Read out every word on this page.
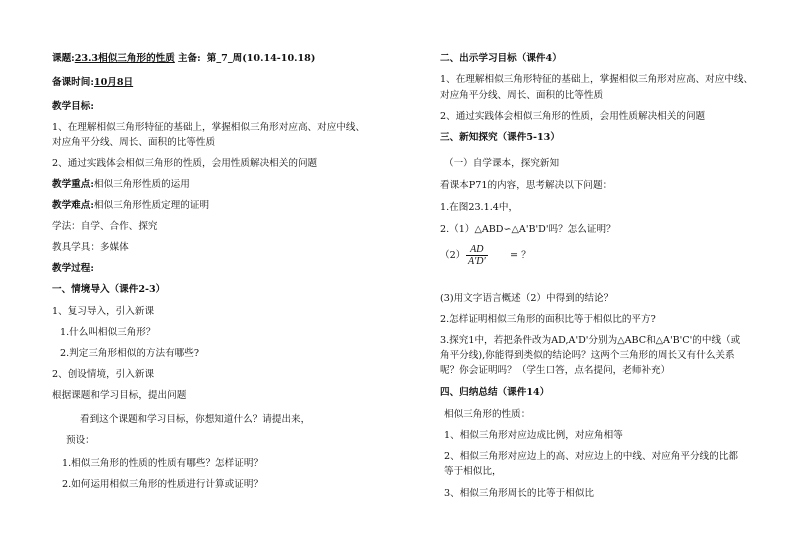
课题:23.3相似三角形的性质 主备: 第_7_周(10.14-10.18)
备课时间:10月8日
教学目标:
1、在理解相似三角形特征的基础上，掌握相似三角形对应高、对应中线、
对应角平分线、周长、面积的比等性质
2、通过实践体会相似三角形的性质，会用性质解决相关的问题
教学重点:相似三角形性质的运用
教学难点:相似三角形性质定理的证明
学法：自学、合作、探究
教具学具：多媒体
教学过程:
一、情境导入（课件2-3）
1、复习导入，引入新课
1.什么叫相似三角形？
2.判定三角形相似的方法有哪些?
2、创设情境，引入新课
根据课题和学习目标，提出问题
看到这个课题和学习目标，你想知道什么？请提出来，
预设：
1.相似三角形的性质的性质有哪些？怎样证明？
2.如何运用相似三角形的性质进行计算或证明？
二、出示学习目标（课件4）
1、在理解相似三角形特征的基础上，掌握相似三角形对应高、对应中线、
对应角平分线、周长、面积的比等性质
2、通过实践体会相似三角形的性质，会用性质解决相关的问题
三、新知探究（课件5-13）
（一）自学课本，探究新知
看课本P71的内容，思考解决以下问题：
1.在图23.1.4中，
2.（1）△ABD∽△A'B'D'吗？怎么证明？
（2）
AD
A'D'
= ？
(3)用文字语言概述（2）中得到的结论？
2.怎样证明相似三角形的面积比等于相似比的平方?
3.探究1中，若把条件改为AD,A'D'分别为△ABC和△A'B'C'的中线（或
角平分线),你能得到类似的结论吗？这两个三角形的周长又有什么关系
呢？你会证明吗？（学生口答，点名提问，老师补充）
四、归纳总结（课件14）
相似三角形的性质：
1、相似三角形对应边成比例，对应角相等
2、相似三角形对应边上的高、对应边上的中线、对应角平分线的比都
等于相似比，
3、相似三角形周长的比等于相似比
